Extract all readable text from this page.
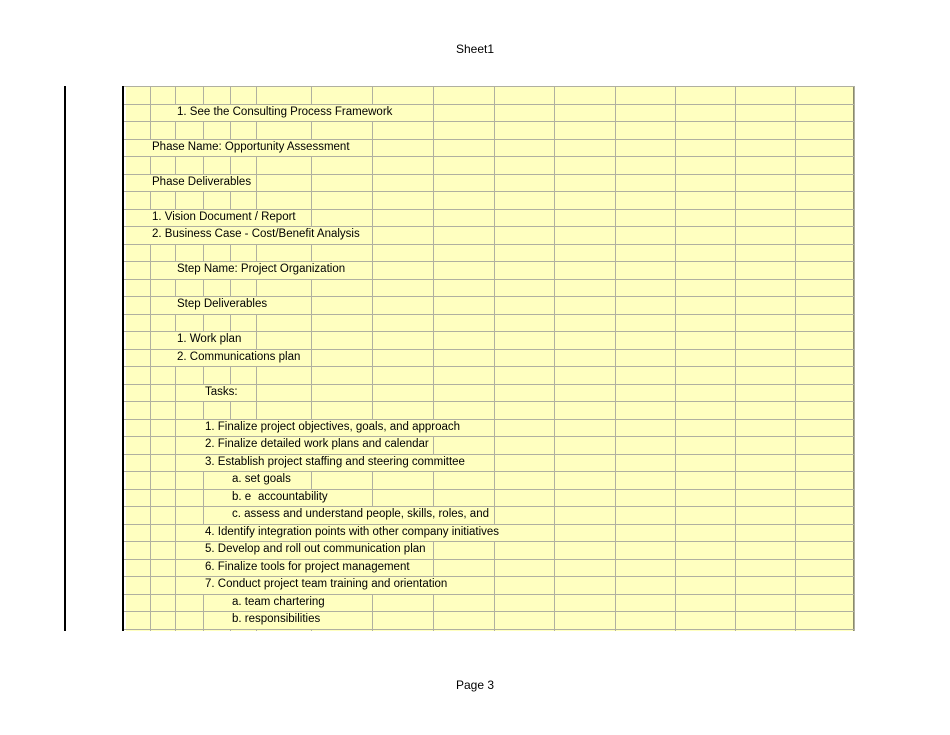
Sheet1
1. See the Consulting Process Framework
Phase Name: Opportunity Assessment
Phase Deliverables
1. Vision Document / Report
2. Business Case - Cost/Benefit Analysis
Step Name: Project Organization
Step Deliverables
1. Work plan
2. Communications plan
Tasks:
1. Finalize project objectives, goals, and approach
2. Finalize detailed work plans and calendar
3. Establish project staffing and steering committee
a. set goals
b. e accountability
c. assess and understand people, skills, roles, and
4. Identify integration points with other company initiatives
5. Develop and roll out communication plan
6. Finalize tools for project management
7. Conduct project team training and orientation
a. team chartering
b. responsibilities
Page 3
